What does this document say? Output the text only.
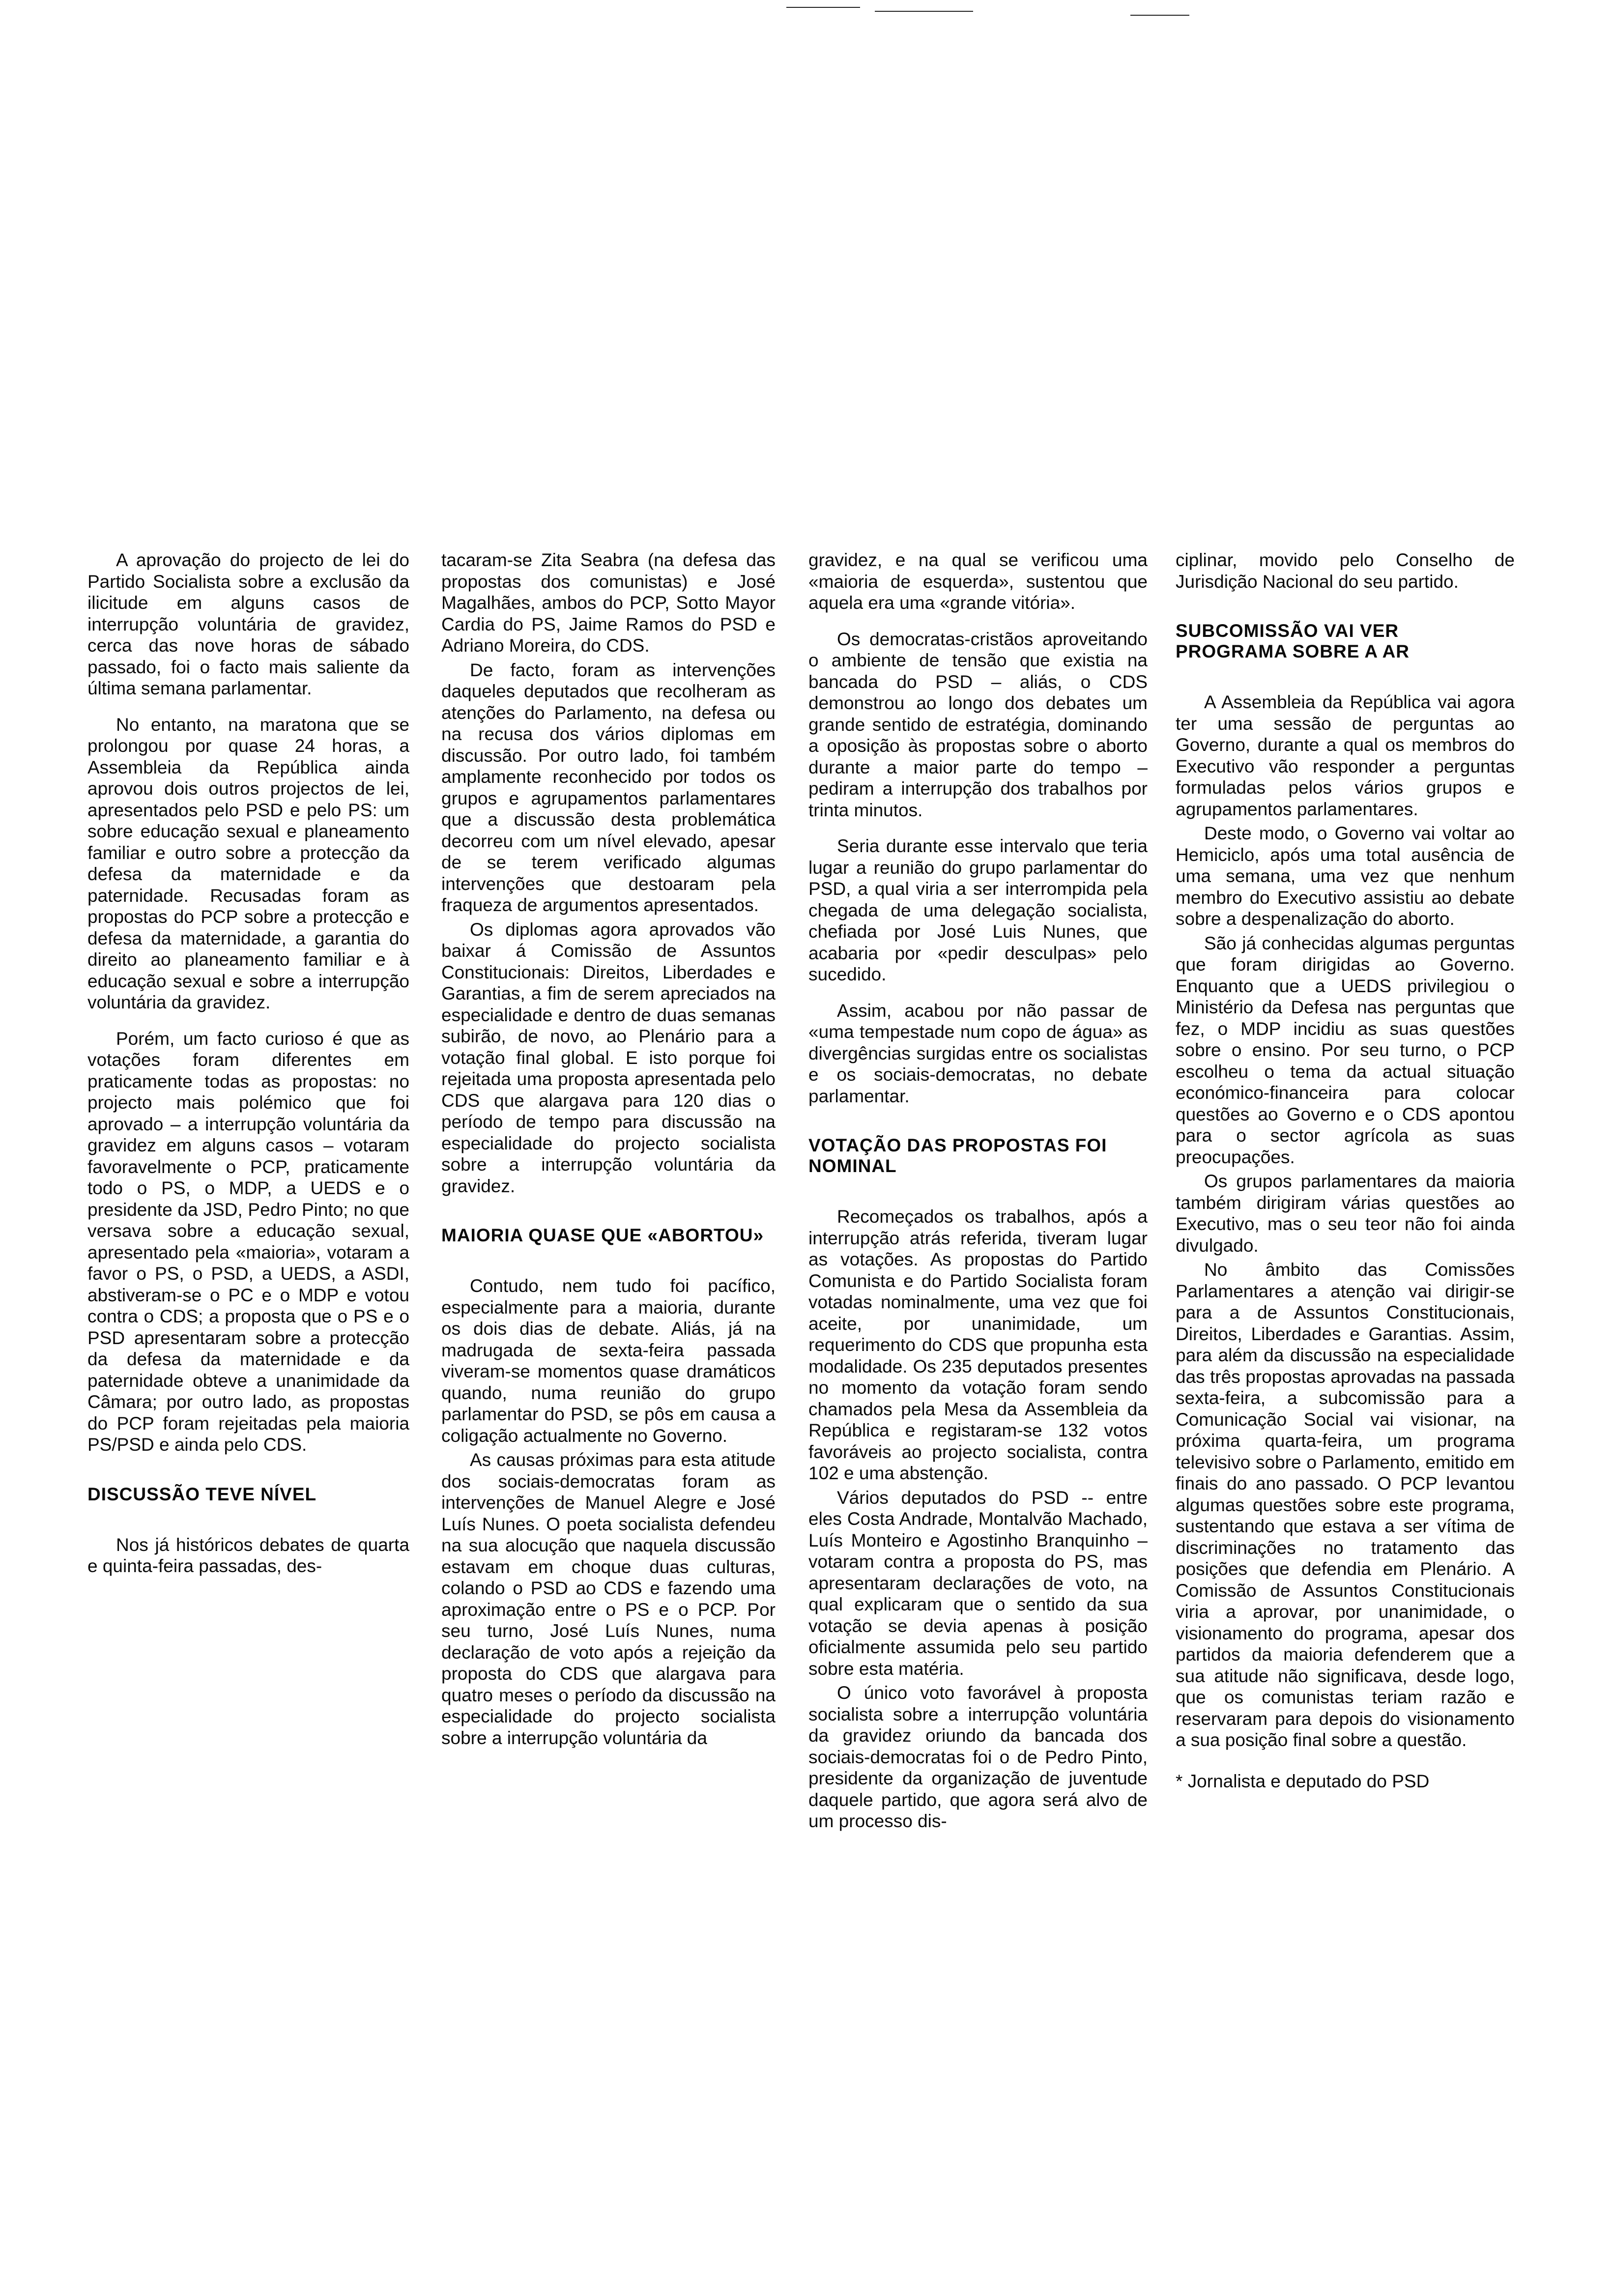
A aprovação do projecto de lei do Partido Socialista sobre a exclusão da ilicitude em alguns casos de interrupção voluntária de gravidez, cerca das nove horas de sábado passado, foi o facto mais saliente da última semana parlamentar.

No entanto, na maratona que se prolongou por quase 24 horas, a Assembleia da República ainda aprovou dois outros projectos de lei, apresentados pelo PSD e pelo PS: um sobre educação sexual e planeamento familiar e outro sobre a protecção da defesa da maternidade e da paternidade. Recusadas foram as propostas do PCP sobre a protecção e defesa da maternidade, a garantia do direito ao planeamento familiar e à educação sexual e sobre a interrupção voluntária da gravidez.

Porém, um facto curioso é que as votações foram diferentes em praticamente todas as propostas: no projecto mais polémico que foi aprovado – a interrupção voluntária da gravidez em alguns casos – votaram favoravelmente o PCP, praticamente todo o PS, o MDP, a UEDS e o presidente da JSD, Pedro Pinto; no que versava sobre a educação sexual, apresentado pela «maioria», votaram a favor o PS, o PSD, a UEDS, a ASDI, abstiveram-se o PC e o MDP e votou contra o CDS; a proposta que o PS e o PSD apresentaram sobre a protecção da defesa da maternidade e da paternidade obteve a unanimidade da Câmara; por outro lado, as propostas do PCP foram rejeitadas pela maioria PS/PSD e ainda pelo CDS.

DISCUSSÃO TEVE NÍVEL

Nos já históricos debates de quarta e quinta-feira passadas, des-

tacaram-se Zita Seabra (na defesa das propostas dos comunistas) e José Magalhães, ambos do PCP, Sotto Mayor Cardia do PS, Jaime Ramos do PSD e Adriano Moreira, do CDS.

De facto, foram as intervenções daqueles deputados que recolheram as atenções do Parlamento, na defesa ou na recusa dos vários diplomas em discussão. Por outro lado, foi também amplamente reconhecido por todos os grupos e agrupamentos parlamentares que a discussão desta problemática decorreu com um nível elevado, apesar de se terem verificado algumas intervenções que destoaram pela fraqueza de argumentos apresentados.

Os diplomas agora aprovados vão baixar á Comissão de Assuntos Constitucionais: Direitos, Liberdades e Garantias, a fim de serem apreciados na especialidade e dentro de duas semanas subirão, de novo, ao Plenário para a votação final global. E isto porque foi rejeitada uma proposta apresentada pelo CDS que alargava para 120 dias o período de tempo para discussão na especialidade do projecto socialista sobre a interrupção voluntária da gravidez.

MAIORIA QUASE QUE «ABORTOU»

Contudo, nem tudo foi pacífico, especialmente para a maioria, durante os dois dias de debate. Aliás, já na madrugada de sexta-feira passada viveram-se momentos quase dramáticos quando, numa reunião do grupo parlamentar do PSD, se pôs em causa a coligação actualmente no Governo.

As causas próximas para esta atitude dos sociais-democratas foram as intervenções de Manuel Alegre e José Luís Nunes. O poeta socialista defendeu na sua alocução que naquela discussão estavam em choque duas culturas, colando o PSD ao CDS e fazendo uma aproximação entre o PS e o PCP. Por seu turno, José Luís Nunes, numa declaração de voto após a rejeição da proposta do CDS que alargava para quatro meses o período da discussão na especialidade do projecto socialista sobre a interrupção voluntária da

gravidez, e na qual se verificou uma «maioria de esquerda», sustentou que aquela era uma «grande vitória».

Os democratas-cristãos aproveitando o ambiente de tensão que existia na bancada do PSD – aliás, o CDS demonstrou ao longo dos debates um grande sentido de estratégia, dominando a oposição às propostas sobre o aborto durante a maior parte do tempo – pediram a interrupção dos trabalhos por trinta minutos.

Seria durante esse intervalo que teria lugar a reunião do grupo parlamentar do PSD, a qual viria a ser interrompida pela chegada de uma delegação socialista, chefiada por José Luis Nunes, que acabaria por «pedir desculpas» pelo sucedido.

Assim, acabou por não passar de «uma tempestade num copo de água» as divergências surgidas entre os socialistas e os sociais-democratas, no debate parlamentar.

VOTAÇÃO DAS PROPOSTAS FOI NOMINAL

Recomeçados os trabalhos, após a interrupção atrás referida, tiveram lugar as votações. As propostas do Partido Comunista e do Partido Socialista foram votadas nominalmente, uma vez que foi aceite, por unanimidade, um requerimento do CDS que propunha esta modalidade. Os 235 deputados presentes no momento da votação foram sendo chamados pela Mesa da Assembleia da República e registaram-se 132 votos favoráveis ao projecto socialista, contra 102 e uma abstenção.

Vários deputados do PSD -- entre eles Costa Andrade, Montalvão Machado, Luís Monteiro e Agostinho Branquinho – votaram contra a proposta do PS, mas apresentaram declarações de voto, na qual explicaram que o sentido da sua votação se devia apenas à posição oficialmente assumida pelo seu partido sobre esta matéria.

O único voto favorável à proposta socialista sobre a interrupção voluntária da gravidez oriundo da bancada dos sociais-democratas foi o de Pedro Pinto, presidente da organização de juventude daquele partido, que agora será alvo de um processo dis-

ciplinar, movido pelo Conselho de Jurisdição Nacional do seu partido.

SUBCOMISSÃO VAI VER PROGRAMA SOBRE A AR

A Assembleia da República vai agora ter uma sessão de perguntas ao Governo, durante a qual os membros do Executivo vão responder a perguntas formuladas pelos vários grupos e agrupamentos parlamentares.

Deste modo, o Governo vai voltar ao Hemiciclo, após uma total ausência de uma semana, uma vez que nenhum membro do Executivo assistiu ao debate sobre a despenalização do aborto.

São já conhecidas algumas perguntas que foram dirigidas ao Governo. Enquanto que a UEDS privilegiou o Ministério da Defesa nas perguntas que fez, o MDP incidiu as suas questões sobre o ensino. Por seu turno, o PCP escolheu o tema da actual situação económico-financeira para colocar questões ao Governo e o CDS apontou para o sector agrícola as suas preocupações.

Os grupos parlamentares da maioria também dirigiram várias questões ao Executivo, mas o seu teor não foi ainda divulgado.

No âmbito das Comissões Parlamentares a atenção vai dirigir-se para a de Assuntos Constitucionais, Direitos, Liberdades e Garantias. Assim, para além da discussão na especialidade das três propostas aprovadas na passada sexta-feira, a subcomissão para a Comunicação Social vai visionar, na próxima quarta-feira, um programa televisivo sobre o Parlamento, emitido em finais do ano passado. O PCP levantou algumas questões sobre este programa, sustentando que estava a ser vítima de discriminações no tratamento das posições que defendia em Plenário. A Comissão de Assuntos Constitucionais viria a aprovar, por unanimidade, o visionamento do programa, apesar dos partidos da maioria defenderem que a sua atitude não significava, desde logo, que os comunistas teriam razão e reservaram para depois do visionamento a sua posição final sobre a questão.

* Jornalista e deputado do PSD
